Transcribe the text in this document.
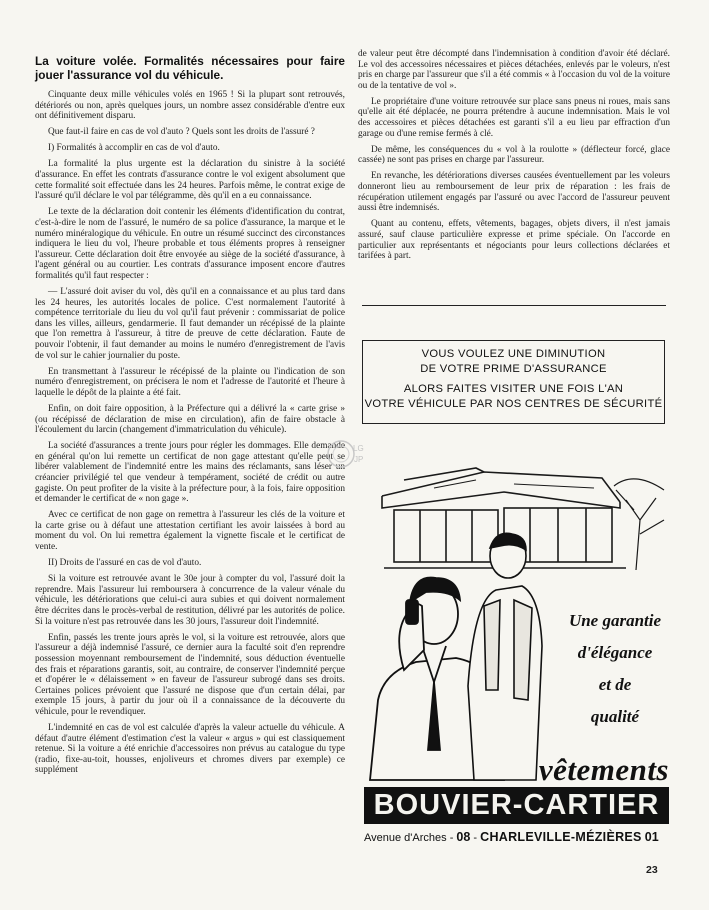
La voiture volée. Formalités nécessaires pour faire jouer l'assurance vol du véhicule.

Cinquante deux mille véhicules volés en 1965 ! Si la plupart sont retrouvés, détériorés ou non, après quelques jours, un nombre assez considérable d'entre eux ont définitivement disparu.

Que faut-il faire en cas de vol d'auto ? Quels sont les droits de l'assuré ?

I) Formalités à accomplir en cas de vol d'auto.

La formalité la plus urgente est la déclaration du sinistre à la société d'assurance. En effet les contrats d'assurance contre le vol exigent absolument que cette formalité soit effectuée dans les 24 heures. Parfois même, le contrat exige de l'assuré qu'il déclare le vol par télégramme, dès qu'il en a eu connaissance.

Le texte de la déclaration doit contenir les éléments d'identification du contrat, c'est-à-dire le nom de l'assuré, le numéro de sa police d'assurance, la marque et le numéro minéralogique du véhicule. En outre un résumé succinct des circonstances indiquera le lieu du vol, l'heure probable et tous éléments propres à renseigner l'assureur. Cette déclaration doit être envoyée au siège de la société d'assurance, à l'agent général ou au courtier. Les contrats d'assurance imposent encore d'autres formalités qu'il faut respecter :

— L'assuré doit aviser du vol, dès qu'il en a connaissance et au plus tard dans les 24 heures, les autorités locales de police. C'est normalement l'autorité à compétence territoriale du lieu du vol qu'il faut prévenir : commissariat de police dans les villes, ailleurs, gendarmerie. Il faut demander un récépissé de la plainte que l'on remettra à l'assureur, à titre de preuve de cette déclaration. Faute de pouvoir l'obtenir, il faut demander au moins le numéro d'enregistrement de l'avis de vol sur le cahier journalier du poste.

En transmettant à l'assureur le récépissé de la plainte ou l'indication de son numéro d'enregistrement, on précisera le nom et l'adresse de l'autorité et l'heure à laquelle le dépôt de la plainte a été fait.

Enfin, on doit faire opposition, à la Préfecture qui a délivré la « carte grise » (ou récépissé de déclaration de mise en circulation), afin de faire obstacle à l'écoulement du larcin (changement d'immatriculation du véhicule).

La société d'assurances a trente jours pour régler les dommages. Elle demande en général qu'on lui remette un certificat de non gage attestant qu'elle peut se libérer valablement de l'indemnité entre les mains des réclamants, sans léser un créancier privilégié tel que vendeur à tempérament, société de crédit ou autre gagiste. On peut profiter de la visite à la préfecture pour, à la fois, faire opposition et demander le certificat de « non gage ».

Avec ce certificat de non gage on remettra à l'assureur les clés de la voiture et la carte grise ou à défaut une attestation certifiant les avoir laissées à bord au moment du vol. On lui remettra également la vignette fiscale et le certificat de vente.

II) Droits de l'assuré en cas de vol d'auto.

Si la voiture est retrouvée avant le 30e jour à compter du vol, l'assuré doit la reprendre. Mais l'assureur lui remboursera à concurrence de la valeur vénale du véhicule, les détériorations que celui-ci aura subies et qui doivent normalement être décrites dans le procès-verbal de restitution, délivré par les autorités de police. Si la voiture n'est pas retrouvée dans les 30 jours, l'assureur doit l'indemnité.

Enfin, passés les trente jours après le vol, si la voiture est retrouvée, alors que l'assureur a déjà indemnisé l'assuré, ce dernier aura la faculté soit d'en reprendre possession moyennant remboursement de l'indemnité, sous déduction éventuelle des frais et réparations garantis, soit, au contraire, de conserver l'indemnité perçue et d'opérer le « délaissement » en faveur de l'assureur subrogé dans ses droits. Certaines polices prévoient que l'assuré ne dispose que d'un certain délai, par exemple 15 jours, à partir du jour où il a connaissance de la découverte du véhicule, pour le revendiquer.

L'indemnité en cas de vol est calculée d'après la valeur actuelle du véhicule. A défaut d'autre élément d'estimation c'est la valeur « argus » qui est classiquement retenue. Si la voiture a été enrichie d'accessoires non prévus au catalogue du type (radio, fixe-au-toit, housses, enjoliveurs et chromes divers par exemple) ce supplément

de valeur peut être décompté dans l'indemnisation à condition d'avoir été déclaré. Le vol des accessoires nécessaires et pièces détachées, enlevés par le voleurs, n'est pris en charge par l'assureur que s'il a été commis « à l'occasion du vol de la voiture ou de la tentative de vol ».

Le propriétaire d'une voiture retrouvée sur place sans pneus ni roues, mais sans qu'elle ait été déplacée, ne pourra prétendre à aucune indemnisation. Mais le vol des accessoires et pièces détachées est garanti s'il a eu lieu par effraction d'un garage ou d'une remise fermés à clé.

De même, les conséquences du « vol à la roulotte » (déflecteur forcé, glace cassée) ne sont pas prises en charge par l'assureur.

En revanche, les détériorations diverses causées éventuellement par les voleurs donneront lieu au remboursement de leur prix de réparation : les frais de récupération utilement engagés par l'assuré ou avec l'accord de l'assureur peuvent aussi être indemnisés.

Quant au contenu, effets, vêtements, bagages, objets divers, il n'est jamais assuré, sauf clause particulière expresse et prime spéciale. On l'accorde en particulier aux représentants et négociants pour leurs collections déclarées et tarifées à part.

VOUS VOULEZ UNE DIMINUTION
DE VOTRE PRIME D'ASSURANCE
ALORS FAITES VISITER UNE FOIS L'AN
VOTRE VÉHICULE PAR NOS CENTRES DE SÉCURITÉ
LG
JP
Une garantie
d'élégance
et de
qualité
vêtements
BOUVIER-CARTIER
Avenue d'Arches - 08 - CHARLEVILLE-MÉZIÈRES 01
23
